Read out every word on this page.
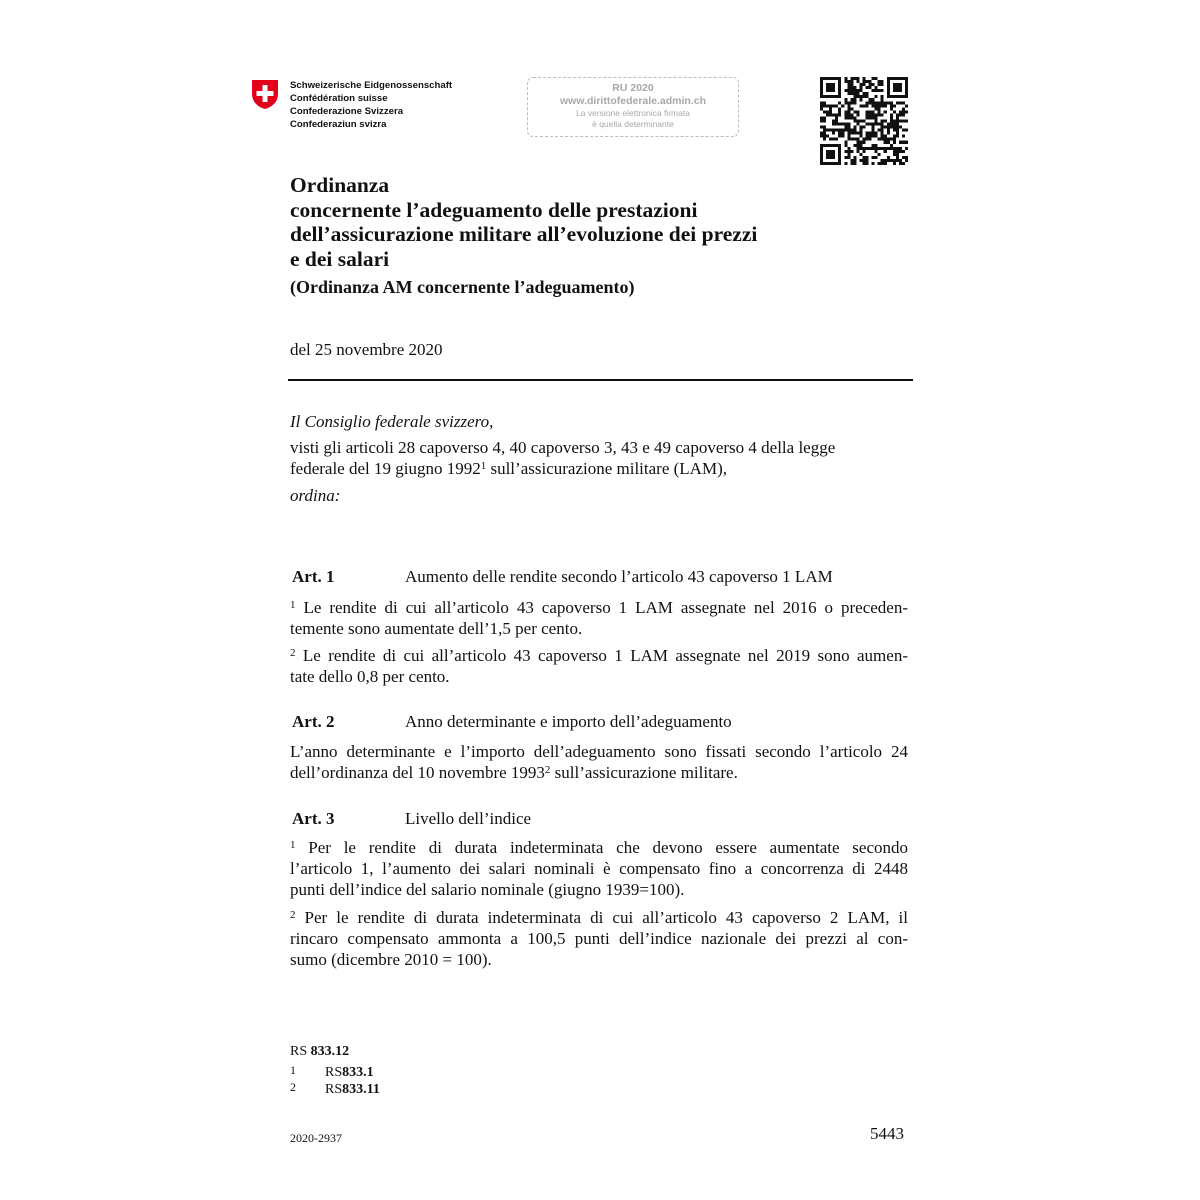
Schweizerische Eidgenossenschaft
Confédération suisse
Confederazione Svizzera
Confederaziun svizra
RU 2020
www.dirittofederale.admin.ch
La versione elettronica firmata
è quella determinante
Ordinanza
concernente l’adeguamento delle prestazioni
dell’assicurazione militare all’evoluzione dei prezzi
e dei salari
(Ordinanza AM concernente l’adeguamento)
del 25 novembre 2020
Il Consiglio federale svizzero,
visti gli articoli 28 capoverso 4, 40 capoverso 3, 43 e 49 capoverso 4 della legge
federale del 19 giugno 1992$^1$ sull’assicurazione militare (LAM),
ordina:
Art. 1	Aumento delle rendite secondo l’articolo 43 capoverso 1 LAM
$^1$ Le rendite di cui all’articolo 43 capoverso 1 LAM assegnate nel 2016 o preceden-
temente sono aumentate dell’1,5 per cento.
$^2$ Le rendite di cui all’articolo 43 capoverso 1 LAM assegnate nel 2019 sono aumen-
tate dello 0,8 per cento.
Art. 2	Anno determinante e importo dell’adeguamento
L’anno determinante e l’importo dell’adeguamento sono fissati secondo l’articolo 24
dell’ordinanza del 10 novembre 1993$^2$ sull’assicurazione militare.
Art. 3	Livello dell’indice
$^1$ Per le rendite di durata indeterminata che devono essere aumentate secondo
l’articolo 1, l’aumento dei salari nominali è compensato fino a concorrenza di 2448
punti dell’indice del salario nominale (giugno 1939=100).
$^2$ Per le rendite di durata indeterminata di cui all’articolo 43 capoverso 2 LAM, il
rincaro compensato ammonta a 100,5 punti dell’indice nazionale dei prezzi al con-
sumo (dicembre 2010 = 100).
RS 833.12
1 RS833.1
2 RS833.11
2020-2937	5443
